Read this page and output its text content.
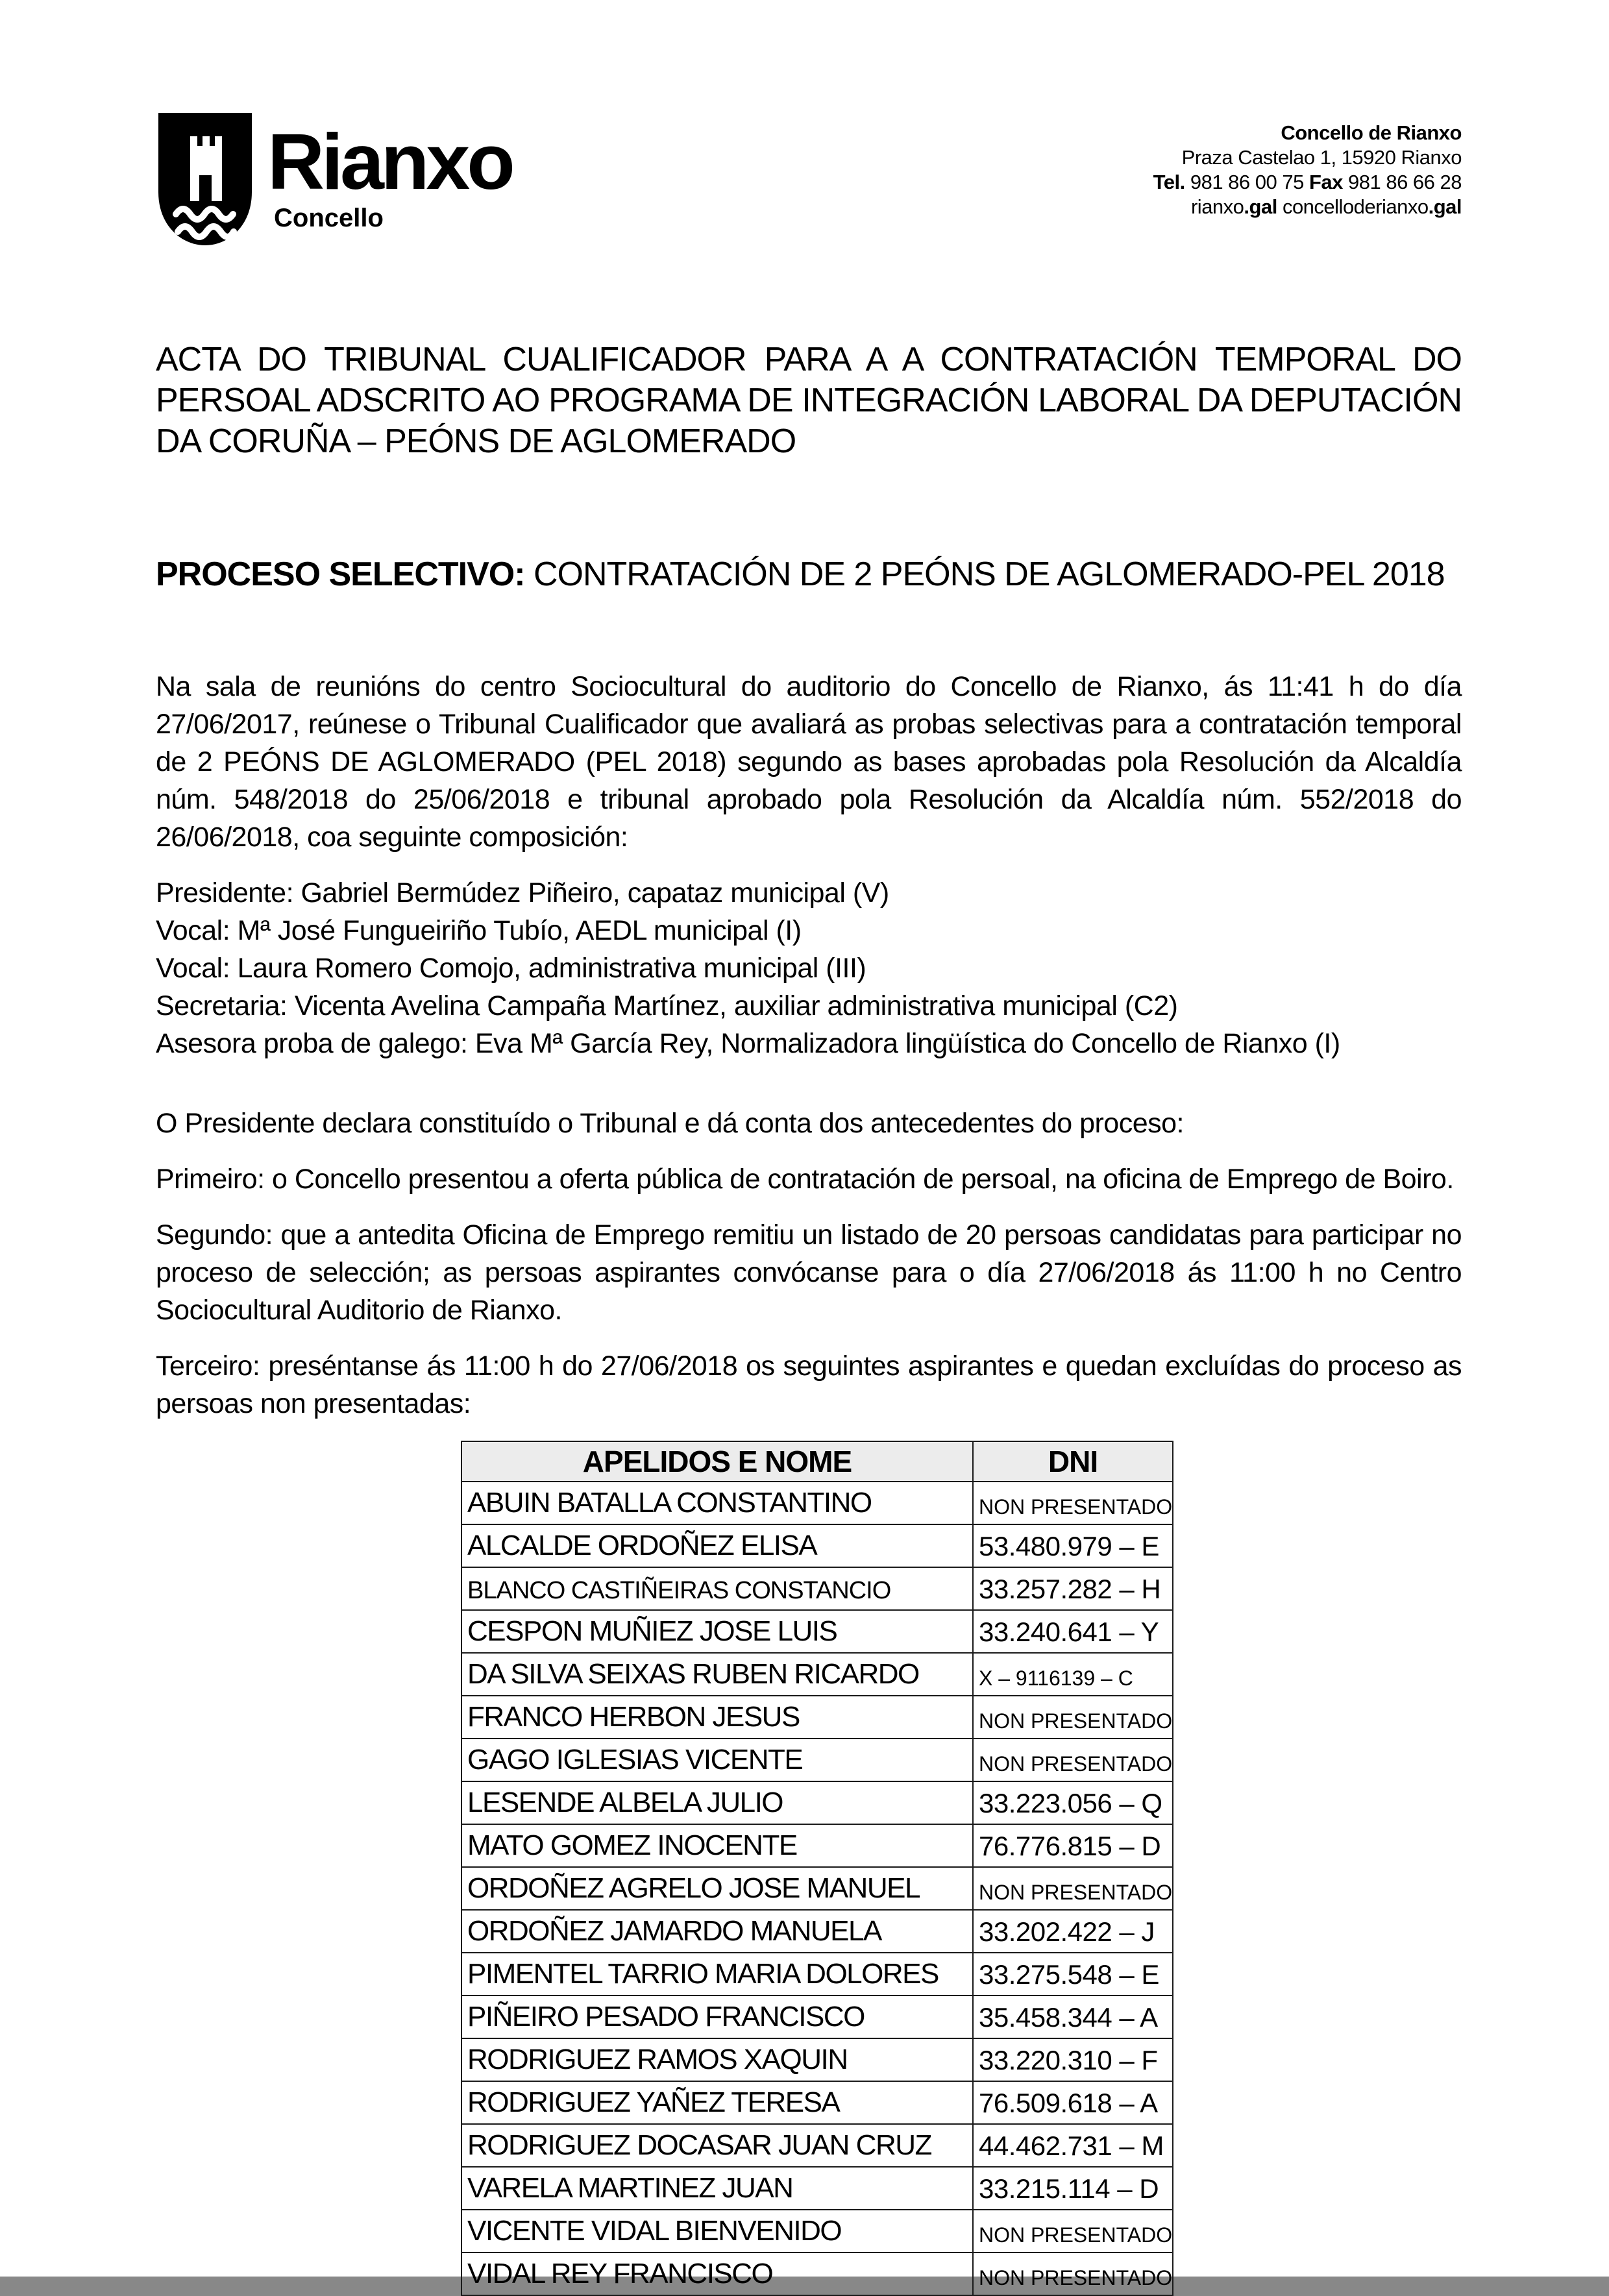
Rianxo
Concello
Concello de Rianxo
Praza Castelao 1, 15920 Rianxo
Tel. 981 86 00 75 Fax 981 86 66 28
rianxo.gal concelloderianxo.gal
ACTA DO TRIBUNAL CUALIFICADOR PARA A A CONTRATACIÓN TEMPORAL DO PERSOAL ADSCRITO AO PROGRAMA DE INTEGRACIÓN LABORAL DA DEPUTACIÓN DA CORUÑA – PEÓNS DE AGLOMERADO
PROCESO SELECTIVO: CONTRATACIÓN DE 2 PEÓNS DE AGLOMERADO-PEL 2018

Na sala de reunións do centro Sociocultural do auditorio do Concello de Rianxo, ás 11:41 h do día 27/06/2017, reúnese o Tribunal Cualificador que avaliará as probas selectivas para a contratación temporal de 2 PEÓNS DE AGLOMERADO (PEL 2018) segundo as bases aprobadas pola Resolución da Alcaldía núm. 548/2018 do 25/06/2018 e tribunal aprobado pola Resolución da Alcaldía núm. 552/2018 do 26/06/2018, coa seguinte composición:

Presidente: Gabriel Bermúdez Piñeiro, capataz municipal (V)
Vocal: Mª José Fungueiriño Tubío, AEDL municipal (I)
Vocal: Laura Romero Comojo, administrativa municipal (III)
Secretaria: Vicenta Avelina Campaña Martínez, auxiliar administrativa municipal (C2)
Asesora proba de galego: Eva Mª García Rey, Normalizadora lingüística do Concello de Rianxo (I)

O Presidente declara constituído o Tribunal e dá conta dos antecedentes do proceso:

Primeiro: o Concello presentou a oferta pública de contratación de persoal, na oficina de Emprego de Boiro.

Segundo: que a antedita Oficina de Emprego remitiu un listado de 20 persoas candidatas para participar no proceso de selección; as persoas aspirantes convócanse para o día 27/06/2018 ás 11:00 h no Centro Sociocultural Auditorio de Rianxo.

Terceiro: preséntanse ás 11:00 h do 27/06/2018 os seguintes aspirantes e quedan excluídas do proceso as persoas non presentadas:

APELIDOS E NOME	DNI
ABUIN BATALLA CONSTANTINO	NON PRESENTADO
ALCALDE ORDOÑEZ ELISA	53.480.979 – E
BLANCO CASTIÑEIRAS CONSTANCIO	33.257.282 – H
CESPON MUÑIEZ JOSE LUIS	33.240.641 – Y
DA SILVA SEIXAS RUBEN RICARDO	X – 9116139 – C
FRANCO HERBON JESUS	NON PRESENTADO
GAGO IGLESIAS VICENTE	NON PRESENTADO
LESENDE ALBELA JULIO	33.223.056 – Q
MATO GOMEZ INOCENTE	76.776.815 – D
ORDOÑEZ AGRELO JOSE MANUEL	NON PRESENTADO
ORDOÑEZ JAMARDO MANUELA	33.202.422 – J
PIMENTEL TARRIO MARIA DOLORES	33.275.548 – E
PIÑEIRO PESADO FRANCISCO	35.458.344 – A
RODRIGUEZ RAMOS XAQUIN	33.220.310 – F
RODRIGUEZ YAÑEZ TERESA	76.509.618 – A
RODRIGUEZ DOCASAR JUAN CRUZ	44.462.731 – M
VARELA MARTINEZ JUAN	33.215.114 – D
VICENTE VIDAL BIENVENIDO	NON PRESENTADO
VIDAL REY FRANCISCO	NON PRESENTADO
